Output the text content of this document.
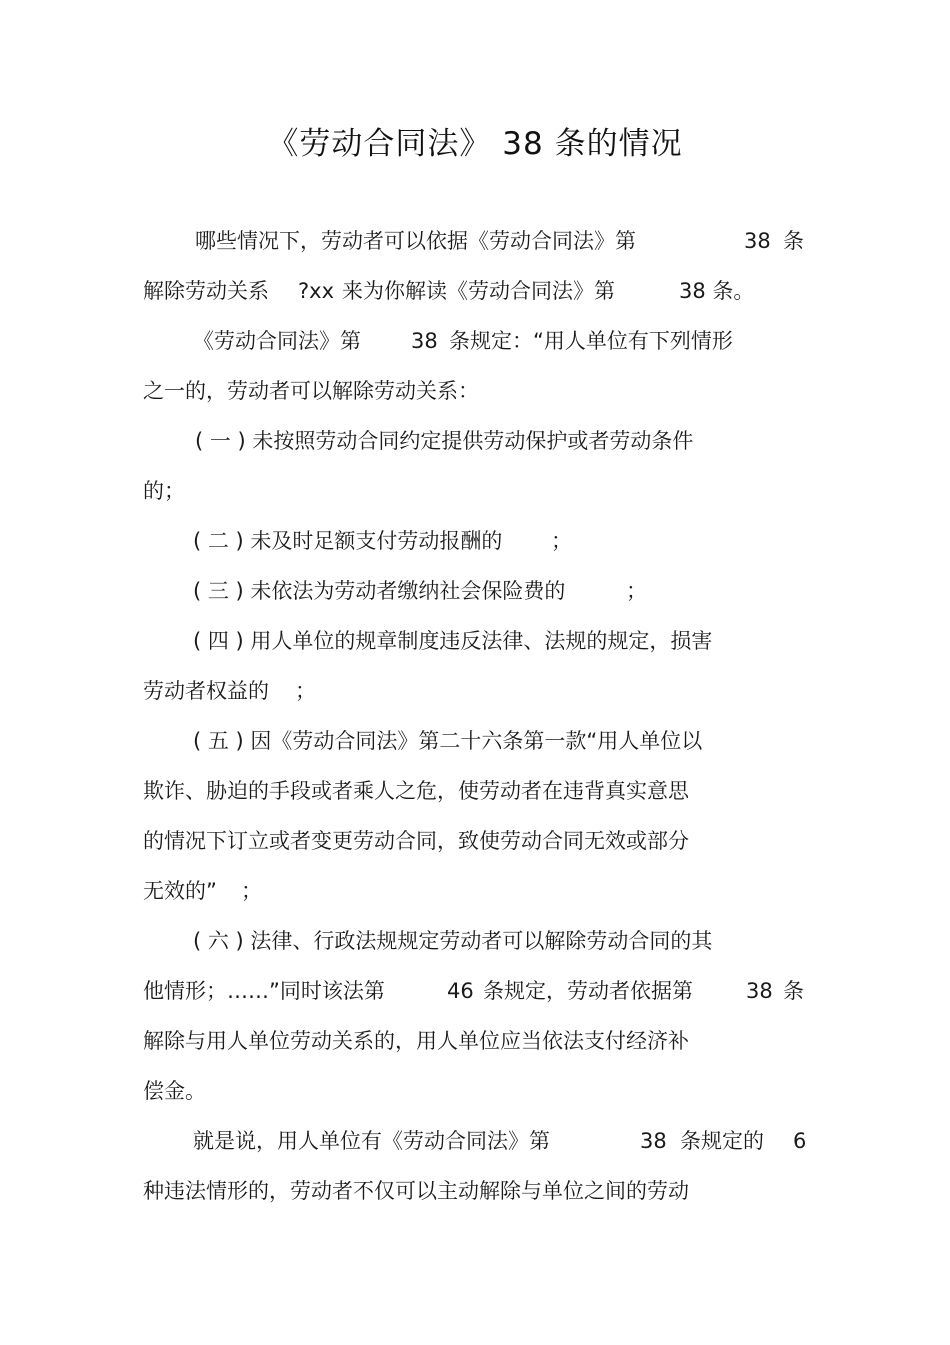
《劳动合同法》 38 条的情况
哪些情况下，劳动者可以依据《劳动合同法》第	38 条
解除劳动关系 ?xx 来为你解读《劳动合同法》第	38 条。
《劳动合同法》第 38 条规定：“用人单位有下列情形
之一的，劳动者可以解除劳动关系：
( 一 ) 未按照劳动合同约定提供劳动保护或者劳动条件
的；
( 二 ) 未及时足额支付劳动报酬的 ；
( 三 ) 未依法为劳动者缴纳社会保险费的	；
( 四 ) 用人单位的规章制度违反法律、法规的规定，损害
劳动者权益的 ；
( 五 ) 因《劳动合同法》第二十六条第一款“用人单位以
欺诈、胁迫的手段或者乘人之危，使劳动者在违背真实意思
的情况下订立或者变更劳动合同，致使劳动合同无效或部分
无效的” ；
( 六 ) 法律、行政法规规定劳动者可以解除劳动合同的其
他情形；……”同时该法第	46 条规定，劳动者依据第	38 条
解除与用人单位劳动关系的，用人单位应当依法支付经济补
偿金。
就是说，用人单位有《劳动合同法》第	38 条规定的 6
种违法情形的，劳动者不仅可以主动解除与单位之间的劳动
